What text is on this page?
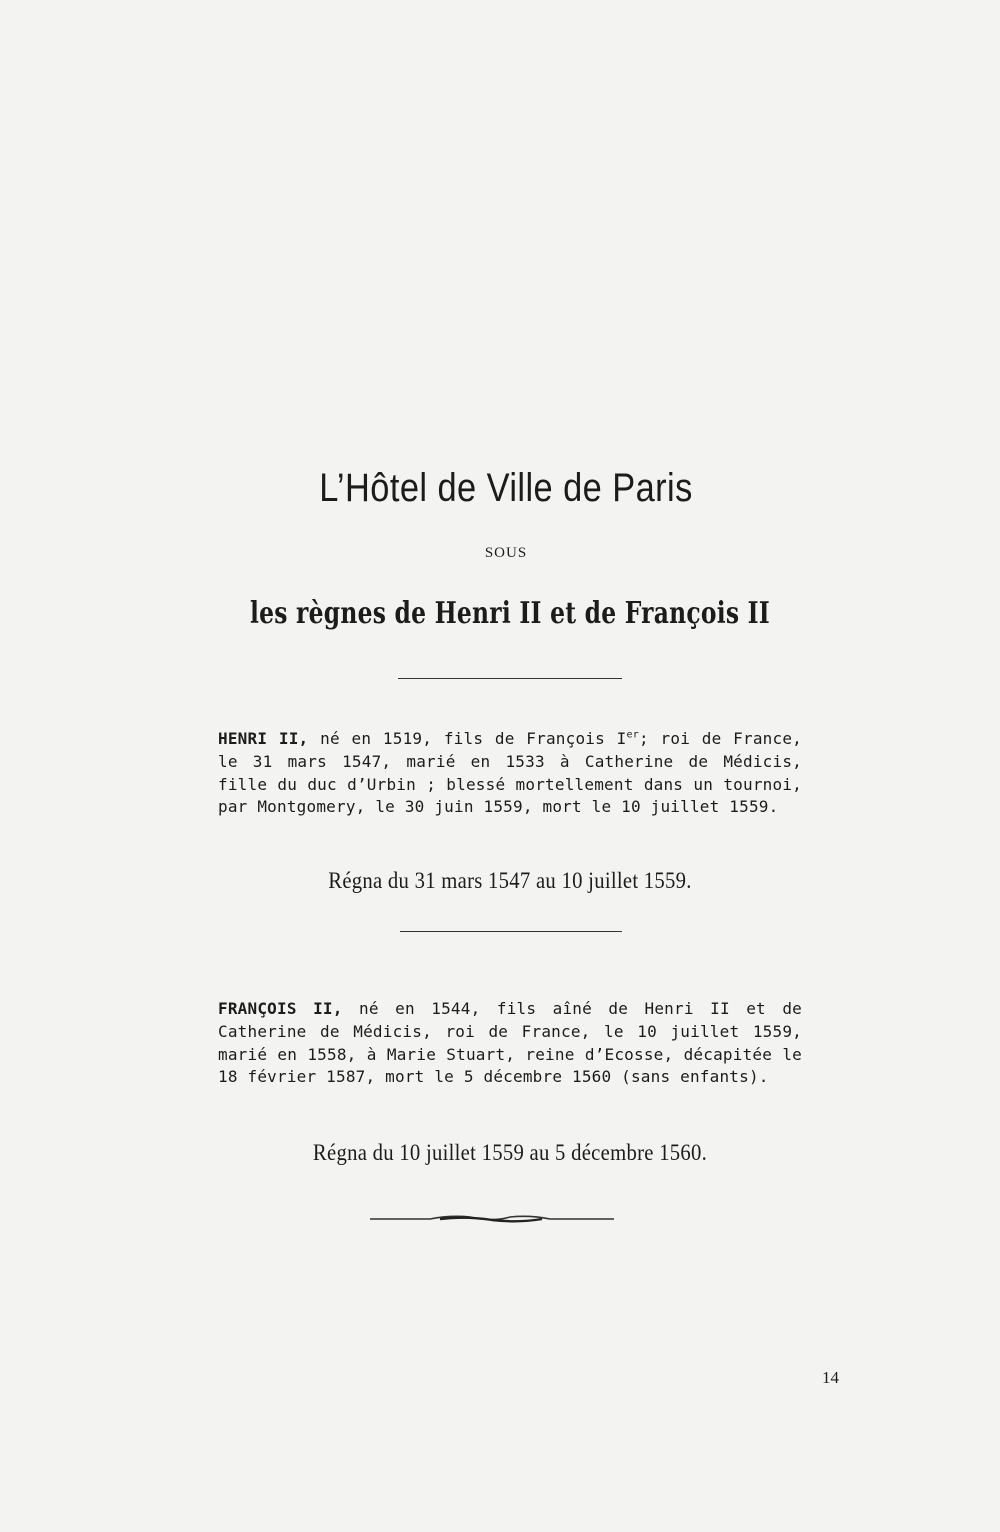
L’Hôtel de Ville de Paris
SOUS
les règnes de Henri II et de François II
HENRI II, né en 1519, fils de François Ier; roi de France, le 31 mars 1547, marié en 1533 à Catherine de Médicis, fille du duc d’Urbin ; blessé mortellement dans un tournoi, par Montgomery, le 30 juin 1559, mort le 10 juillet 1559.
Régna du 31 mars 1547 au 10 juillet 1559.
FRANÇOIS II, né en 1544, fils aîné de Henri II et de Catherine de Médicis, roi de France, le 10 juillet 1559, marié en 1558, à Marie Stuart, reine d’Ecosse, décapitée le 18 février 1587, mort le 5 décembre 1560 (sans enfants).
Régna du 10 juillet 1559 au 5 décembre 1560.
14
